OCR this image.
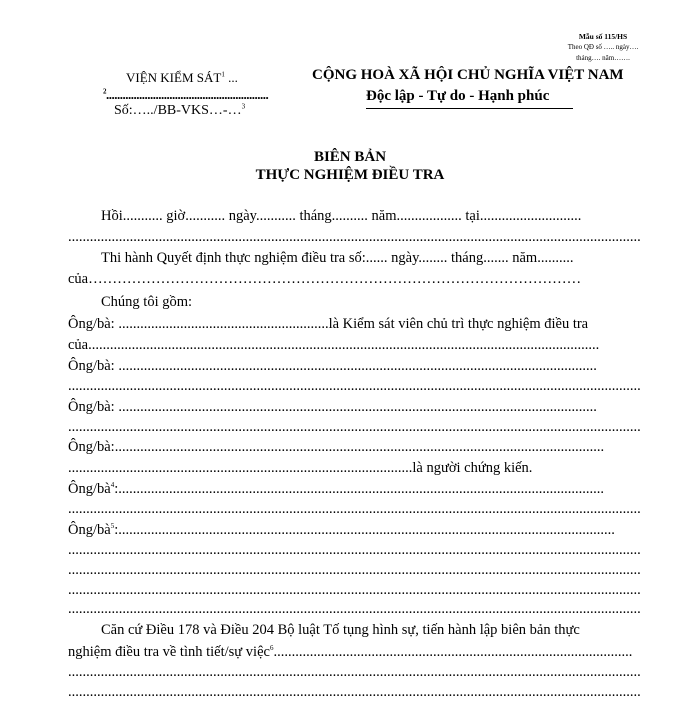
Mẫu số 115/HS
Theo QĐ số ….. ngày….
tháng…. năm…….
VIỆN KIỂM SÁT$^1$ ...
$^2$...........................................................
Số:…../BB-VKS…-…$^3$
CỘNG HOÀ XÃ HỘI CHỦ NGHĨA VIỆT NAM
Độc lập - Tự do - Hạnh phúc
BIÊN BẢN
THỰC NGHIỆM ĐIỀU TRA
Hồi........... giờ........... ngày........... tháng.......... năm.................. tại............................
..............................................................................................................................................................
Thi hành Quyết định thực nghiệm điều tra số:...... ngày........ tháng....... năm..........
của…………………………………………………………………………………………
Chúng tôi gồm:
Ông/bà: ..........................................................là Kiểm sát viên chủ trì thực nghiệm điều tra
của.............................................................................................................................................
Ông/bà: ....................................................................................................................................
..............................................................................................................................................................
Ông/bà: ....................................................................................................................................
..............................................................................................................................................................
Ông/bà:.......................................................................................................................................
...............................................................................................là người chứng kiến.
Ông/$bà^4$:......................................................................................................................................
..............................................................................................................................................................
Ông/$bà^5$:.........................................................................................................................................
..............................................................................................................................................................
..............................................................................................................................................................
..............................................................................................................................................................
..............................................................................................................................................................
Căn cứ Điều 178 và Điều 204 Bộ luật Tố tụng hình sự, tiến hành lập biên bản thực
nghiệm điều tra về tình tiết/sự việc$^6$...................................................................................................
..............................................................................................................................................................
..............................................................................................................................................................
